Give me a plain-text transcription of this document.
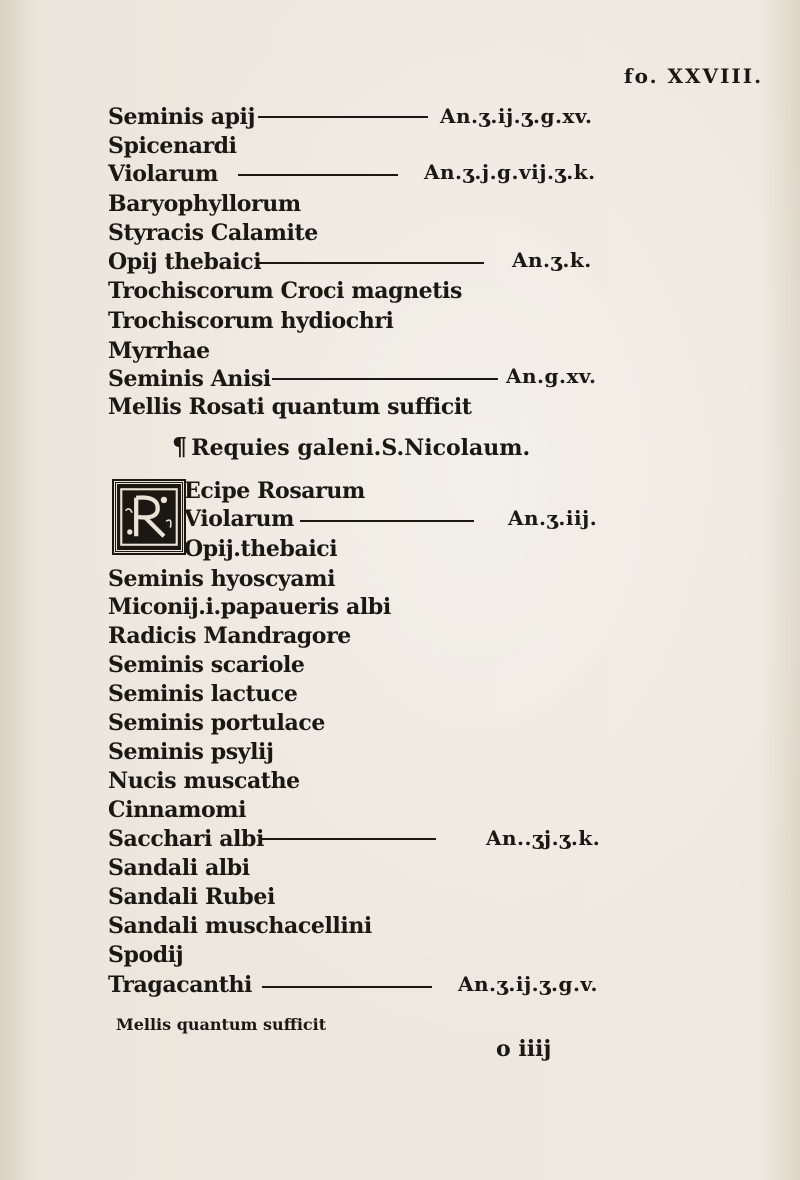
fo. XXVIII.
Seminis apij	An.ʒ.ij.ʒ.g.xv.
Spicenardi
Violarum	An.ʒ.j.g.vij.ʒ.k.
Baryophyllorum
Styracis Calamite
Opij thebaici	An.ʒ.k.
Trochiscorum Croci magnetis
Trochiscorum hydiochri
Myrrhae
Seminis Anisi	An.g.xv.
Mellis Rosati quantum sufficit
¶ Requies galeni.S.Nicolaum.
Ecipe Rosarum
Violarum	An.ʒ.iij.
Opij.thebaici
Seminis hyoscyami
Miconij.i.papaueris albi
Radicis Mandragore
Seminis scariole
Seminis lactuce
Seminis portulace
Seminis psylij
Nucis muscathe
Cinnamomi
Sacchari albi	An..ʒj.ʒ.k.
Sandali albi
Sandali Rubei
Sandali muschacellini
Spodij
Tragacanthi	An.ʒ.ij.ʒ.g.v.
Mellis quantum sufficit
o iiij
